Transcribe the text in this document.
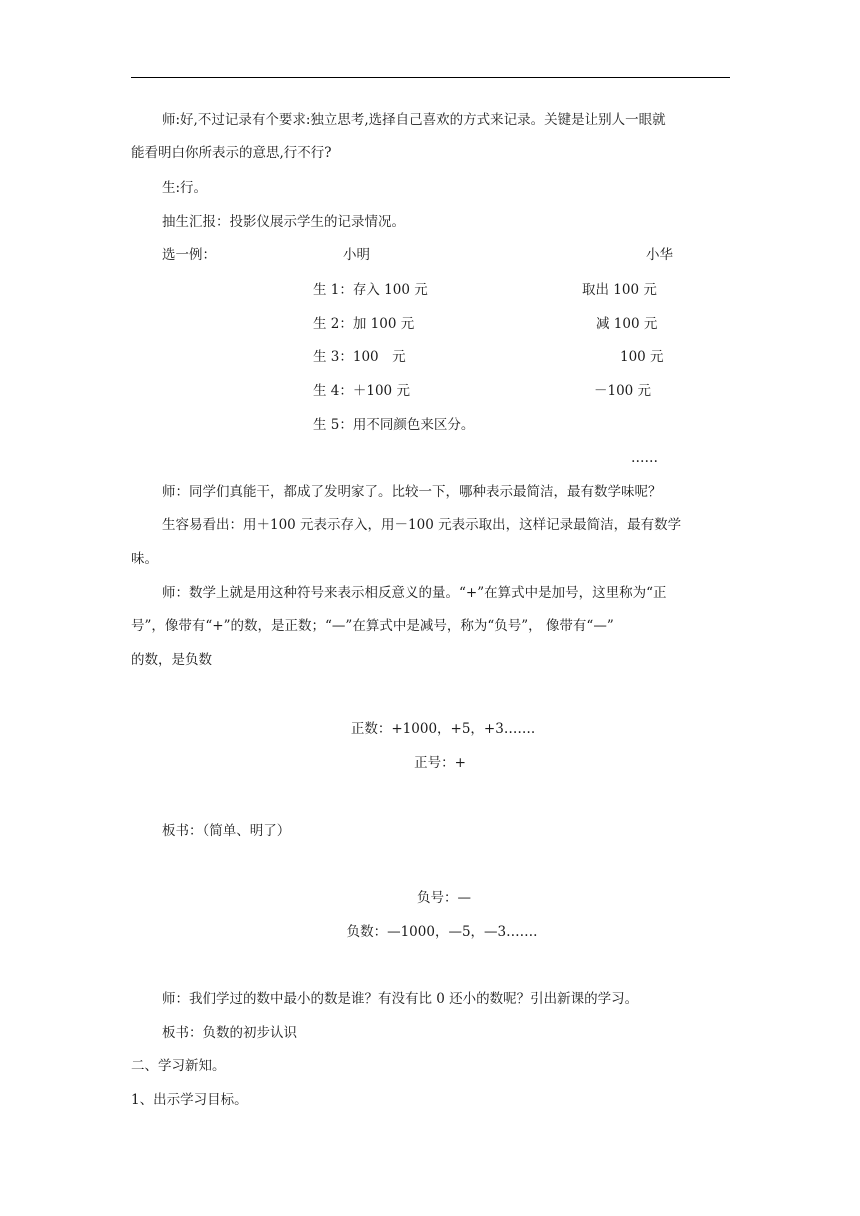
师:好,不过记录有个要求:独立思考,选择自己喜欢的方式来记录。关键是让别人一眼就
能看明白你所表示的意思,行不行?
生:行。
抽生汇报：投影仪展示学生的记录情况。
选一例：	小明	小华
生 1：存入 100 元	取出 100 元
生 2：加 100 元	减 100 元
生 3：100　元	100 元
生 4：＋100 元	－100 元
生 5：用不同颜色来区分。
……
师：同学们真能干，都成了发明家了。比较一下，哪种表示最简洁，最有数学味呢？
生容易看出：用＋100 元表示存入，用－100 元表示取出，这样记录最简洁，最有数学
味。
师：数学上就是用这种符号来表示相反意义的量。“+”在算式中是加号，这里称为“正
号”，像带有“+”的数，是正数；“—”在算式中是减号，称为“负号”， 像带有“—”
的数，是负数
正数：+1000，+5，+3…….
正号：+
板书：（简单、明了）
负号：—
负数：—1000，—5，—3…….
师：我们学过的数中最小的数是谁？有没有比 0 还小的数呢？引出新课的学习。
板书：负数的初步认识
二、学习新知。
1、出示学习目标。
